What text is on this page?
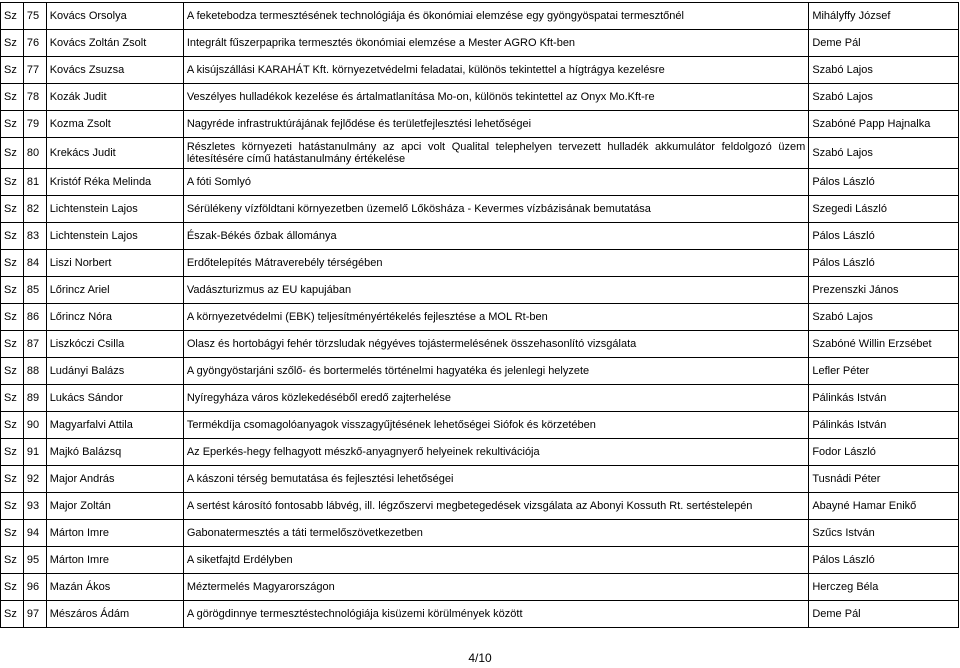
Sz	75	Kovács Orsolya	A feketebodza termesztésének technológiája és ökonómiai elemzése egy gyöngyöspatai termesztőnél	Mihályffy József
Sz	76	Kovács Zoltán Zsolt	Integrált fűszerpaprika termesztés ökonómiai elemzése a Mester AGRO Kft-ben	Deme Pál
Sz	77	Kovács Zsuzsa	A kisújszállási KARAHÁT Kft. környezetvédelmi feladatai, különös tekintettel a hígtrágya kezelésre	Szabó Lajos
Sz	78	Kozák Judit	Veszélyes hulladékok kezelése és ártalmatlanítása Mo-on, különös tekintettel az Onyx Mo.Kft-re	Szabó Lajos
Sz	79	Kozma Zsolt	Nagyréde infrastruktúrájának fejlődése és területfejlesztési lehetőségei	Szabóné Papp Hajnalka
Sz	80	Krekács Judit	Részletes környezeti hatástanulmány az apci volt Qualital telephelyen tervezett hulladék akkumulátor feldolgozó üzem létesítésére című hatástanulmány értékelése	Szabó Lajos
Sz	81	Kristóf Réka Melinda	A fóti Somlyó	Pálos László
Sz	82	Lichtenstein Lajos	Sérülékeny vízföldtani környezetben üzemelő Lőkösháza - Kevermes vízbázisának bemutatása	Szegedi László
Sz	83	Lichtenstein Lajos	Észak-Békés őzbak állománya	Pálos László
Sz	84	Liszi Norbert	Erdőtelepítés Mátraverebély térségében	Pálos László
Sz	85	Lőrincz Ariel	Vadászturizmus az EU kapujában	Prezenszki János
Sz	86	Lőrincz Nóra	A környezetvédelmi (EBK) teljesítményértékelés fejlesztése a MOL Rt-ben	Szabó Lajos
Sz	87	Liszkóczi Csilla	Olasz és hortobágyi fehér törzsludak négyéves tojástermelésének összehasonlító vizsgálata	Szabóné Willin Erzsébet
Sz	88	Ludányi Balázs	A gyöngyöstarjáni szőlő- és bortermelés történelmi hagyatéka és jelenlegi helyzete	Lefler Péter
Sz	89	Lukács Sándor	Nyíregyháza város közlekedéséből eredő zajterhelése	Pálinkás István
Sz	90	Magyarfalvi Attila	Termékdíja csomagolóanyagok visszagyűjtésének lehetőségei Siófok és körzetében	Pálinkás István
Sz	91	Majkó Balázsq	Az Eperkés-hegy felhagyott mészkő-anyagnyerő helyeinek rekultivációja	Fodor László
Sz	92	Major András	A kászoni térség bemutatása és fejlesztési lehetőségei	Tusnádi Péter
Sz	93	Major Zoltán	A sertést károsító fontosabb lábvég, ill. légzőszervi megbetegedések vizsgálata az Abonyi Kossuth Rt. sertéstelepén	Abayné Hamar Enikő
Sz	94	Márton Imre	Gabonatermesztés a táti termelőszövetkezetben	Szűcs István
Sz	95	Márton Imre	A siketfajtd Erdélyben	Pálos László
Sz	96	Mazán Ákos	Méztermelés Magyarországon	Herczeg Béla
Sz	97	Mészáros Ádám	A görögdinnye termesztéstechnológiája kisüzemi körülmények között	Deme Pál
4/10
